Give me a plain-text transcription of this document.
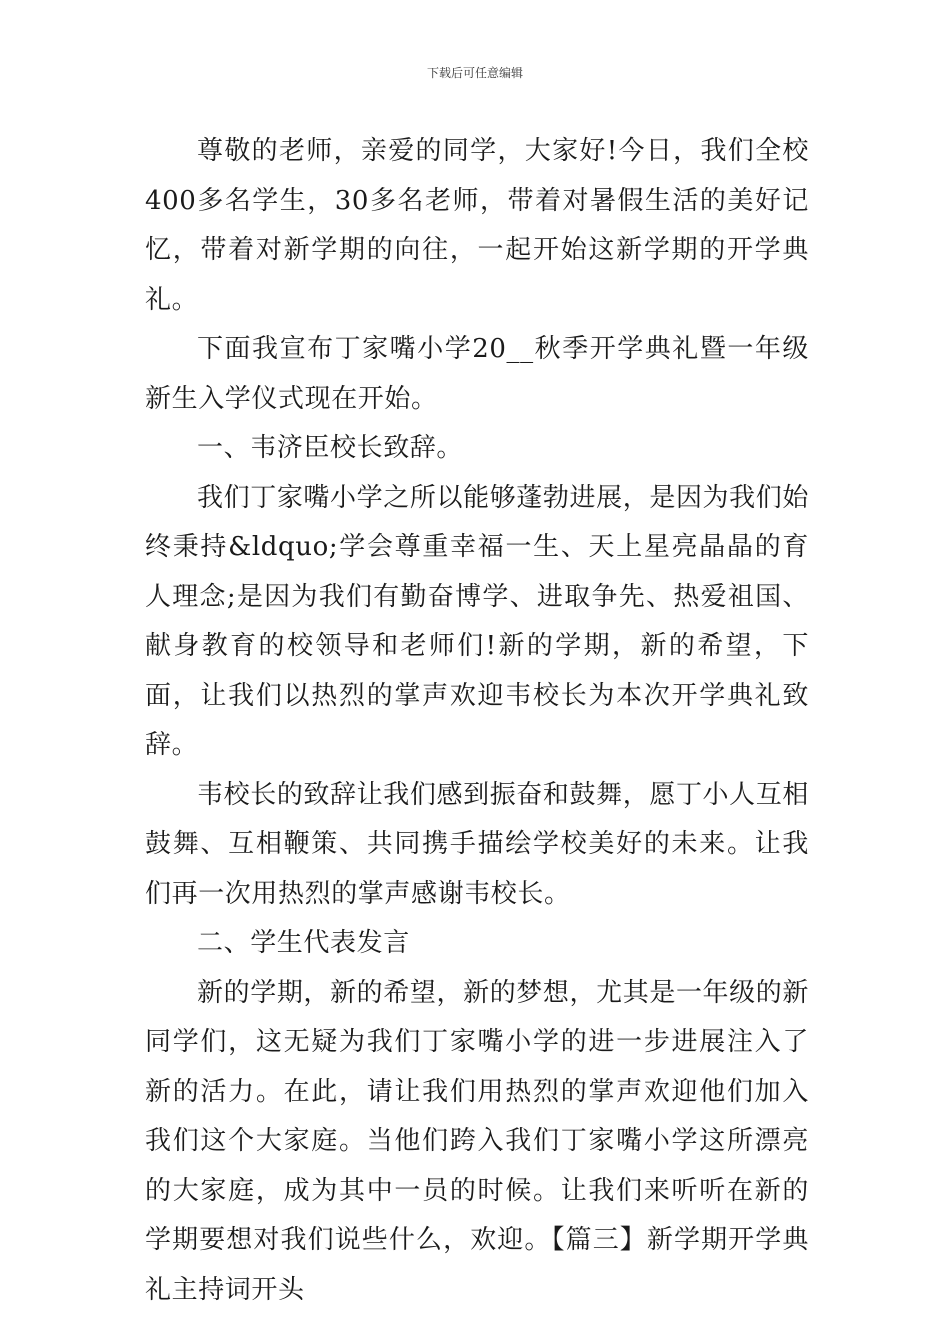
下载后可任意编辑

尊敬的老师，亲爱的同学，大家好!今日，我们全校400多名学生，30多名老师，带着对暑假生活的美好记忆，带着对新学期的向往，一起开始这新学期的开学典礼。

下面我宣布丁家嘴小学20__秋季开学典礼暨一年级新生入学仪式现在开始。

一、韦济臣校长致辞。

我们丁家嘴小学之所以能够蓬勃进展，是因为我们始终秉持&ldquo;学会尊重幸福一生、天上星亮晶晶的育人理念;是因为我们有勤奋博学、进取争先、热爱祖国、献身教育的校领导和老师们!新的学期，新的希望，下面，让我们以热烈的掌声欢迎韦校长为本次开学典礼致辞。

韦校长的致辞让我们感到振奋和鼓舞，愿丁小人互相鼓舞、互相鞭策、共同携手描绘学校美好的未来。让我们再一次用热烈的掌声感谢韦校长。

二、学生代表发言

新的学期，新的希望，新的梦想，尤其是一年级的新同学们，这无疑为我们丁家嘴小学的进一步进展注入了新的活力。在此，请让我们用热烈的掌声欢迎他们加入我们这个大家庭。当他们跨入我们丁家嘴小学这所漂亮的大家庭，成为其中一员的时候。让我们来听听在新的学期要想对我们说些什么，欢迎。【篇三】新学期开学典礼主持词开头
